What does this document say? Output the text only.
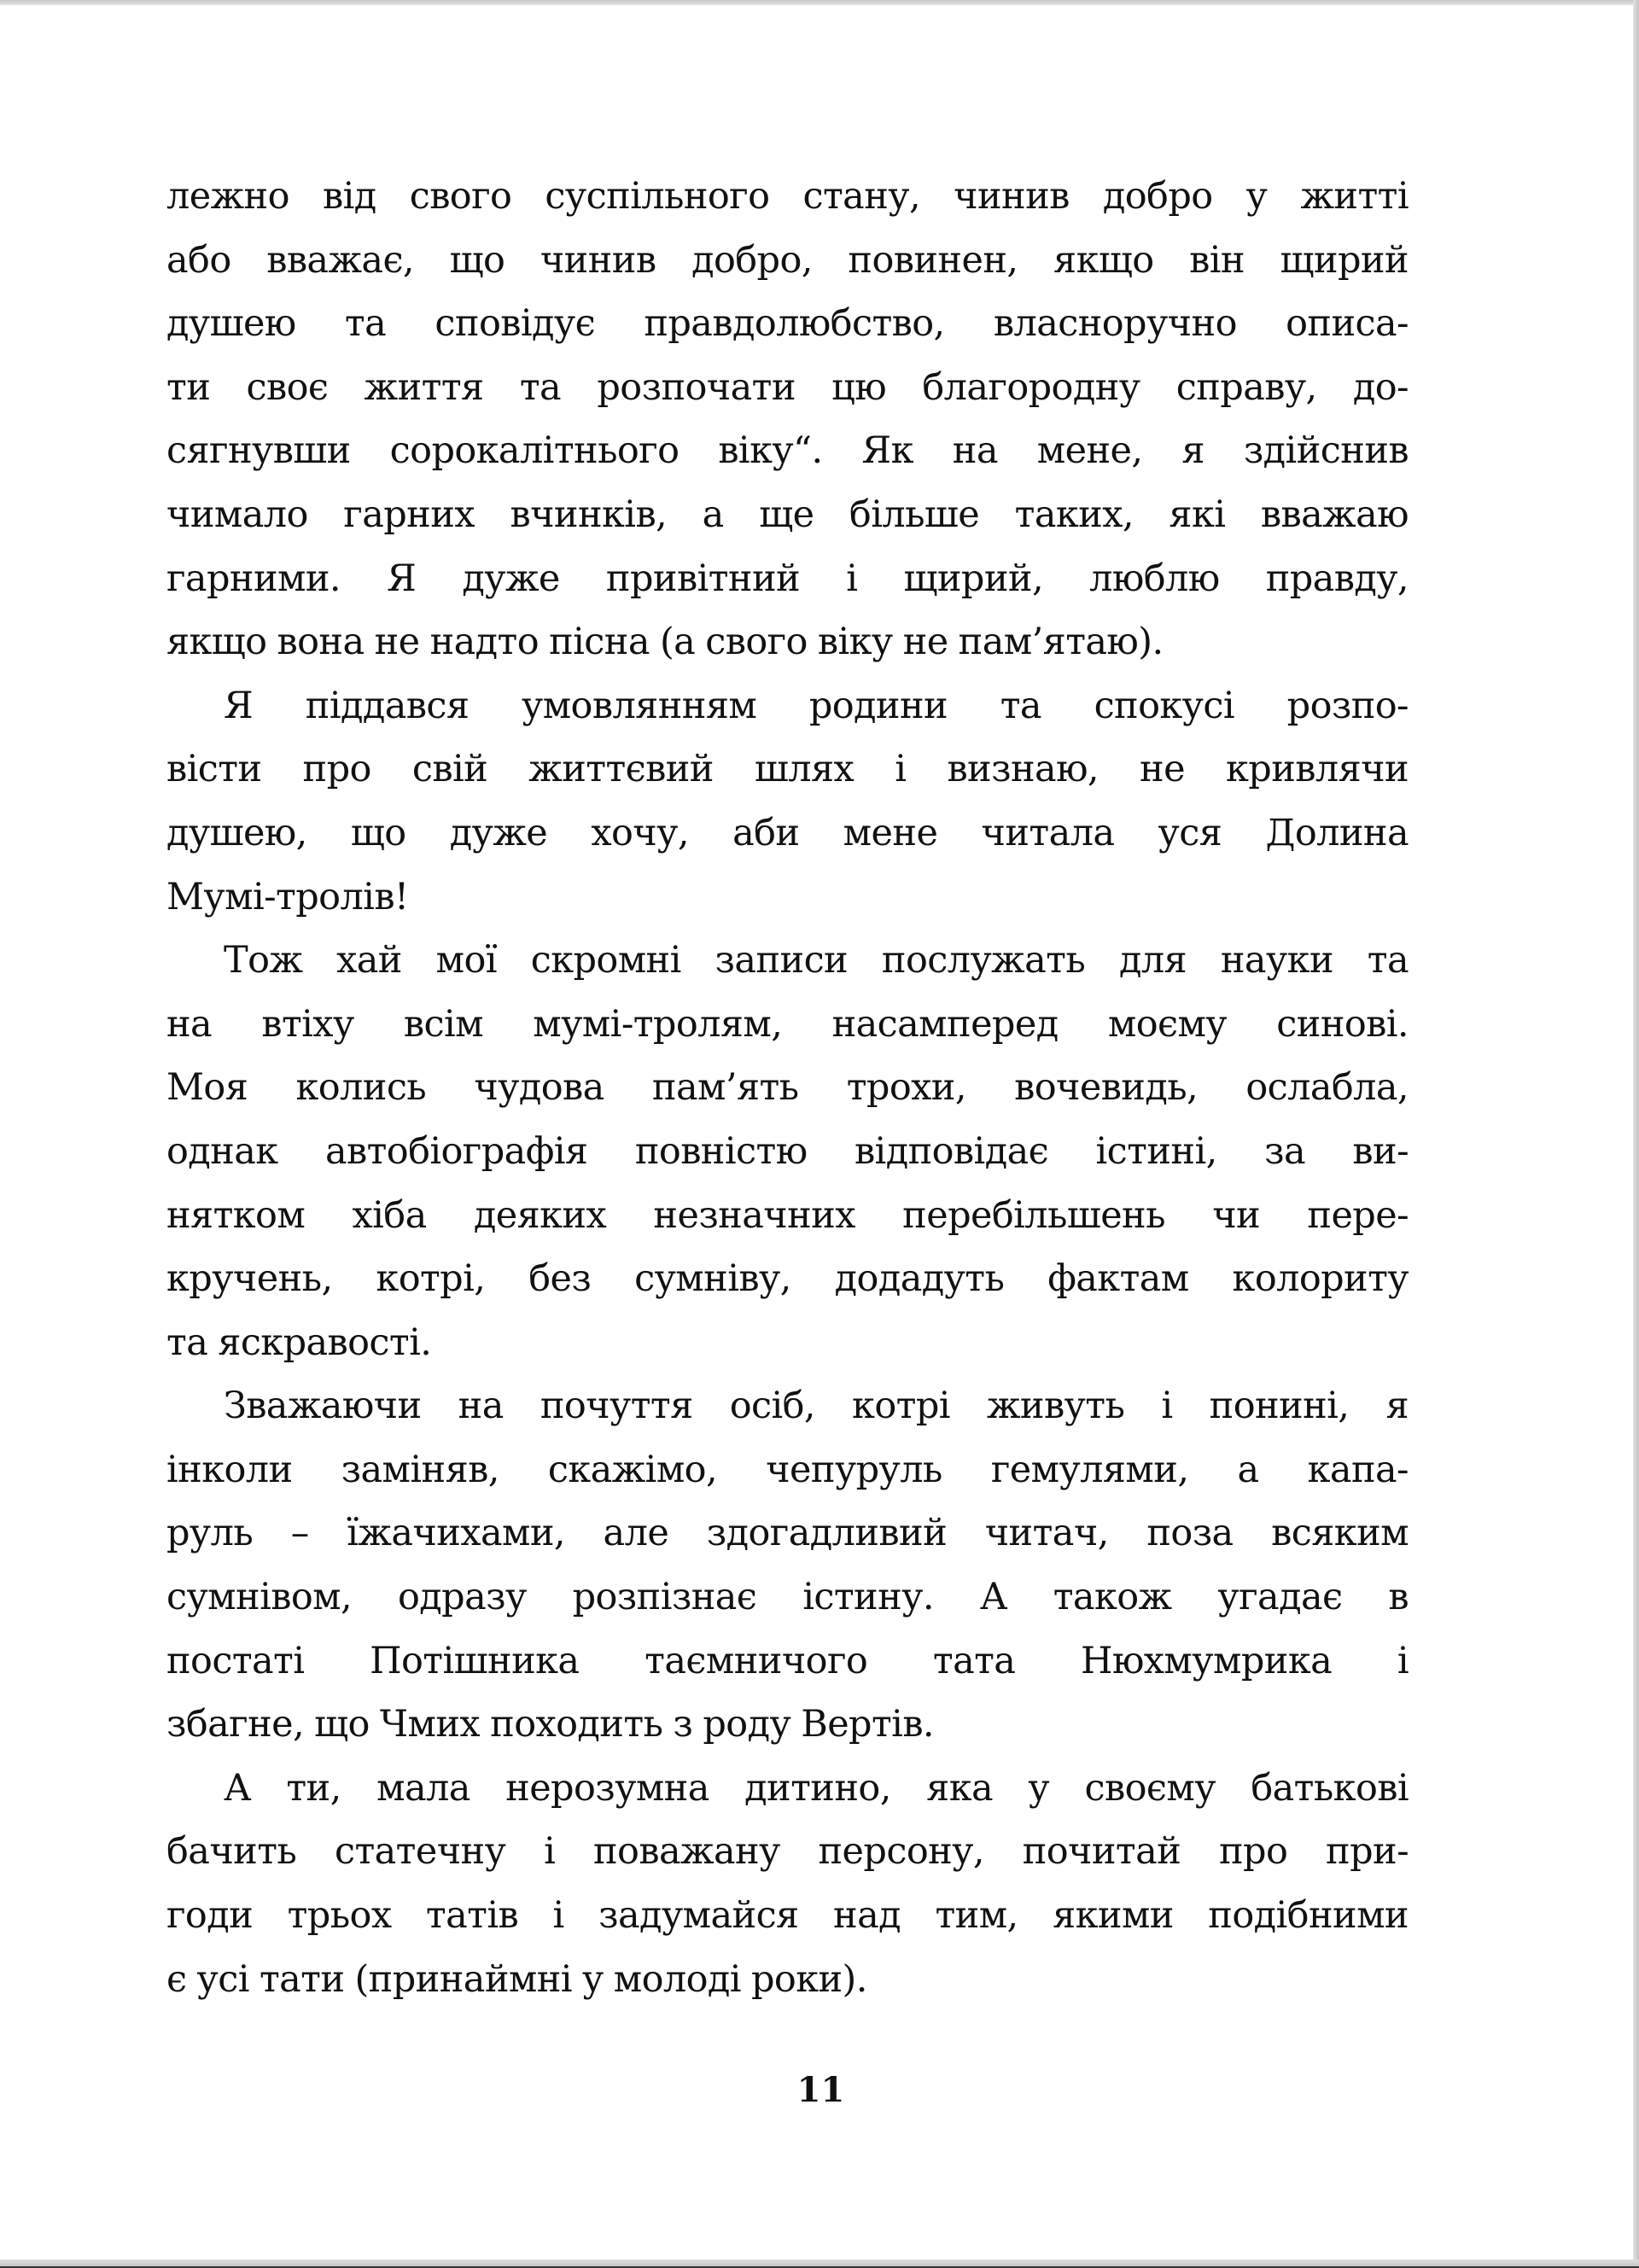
лежно від свого суспільного стану, чинив добро у житті
або вважає, що чинив добро, повинен, якщо він щирий
душею та сповідує правдолюбство, власноручно описа-
ти своє життя та розпочати цю благородну справу, до-
сягнувши сорокалітнього віку“. Як на мене, я здійснив
чимало гарних вчинків, а ще більше таких, які вважаю
гарними. Я дуже привітний і щирий, люблю правду,
якщо вона не надто пісна (а свого віку не пам’ятаю).
Я піддався умовлянням родини та спокусі розпо-
вісти про свій життєвий шлях і визнаю, не кривлячи
душею, що дуже хочу, аби мене читала уся Долина
Мумі-тролів!
Тож хай мої скромні записи послужать для науки та
на втіху всім мумі-тролям, насамперед моєму синові.
Моя колись чудова пам’ять трохи, вочевидь, ослабла,
однак автобіографія повністю відповідає істині, за ви-
нятком хіба деяких незначних перебільшень чи пере-
кручень, котрі, без сумніву, додадуть фактам колориту
та яскравості.
Зважаючи на почуття осіб, котрі живуть і понині, я
інколи заміняв, скажімо, чепуруль гемулями, а капа-
руль – їжачихами, але здогадливий читач, поза всяким
сумнівом, одразу розпізнає істину. А також угадає в
постаті Потішника таємничого тата Нюхмумрика і
збагне, що Чмих походить з роду Вертів.
А ти, мала нерозумна дитино, яка у своєму батькові
бачить статечну і поважану персону, почитай про при-
годи трьох татів і задумайся над тим, якими подібними
є усі тати (принаймні у молоді роки).
11
